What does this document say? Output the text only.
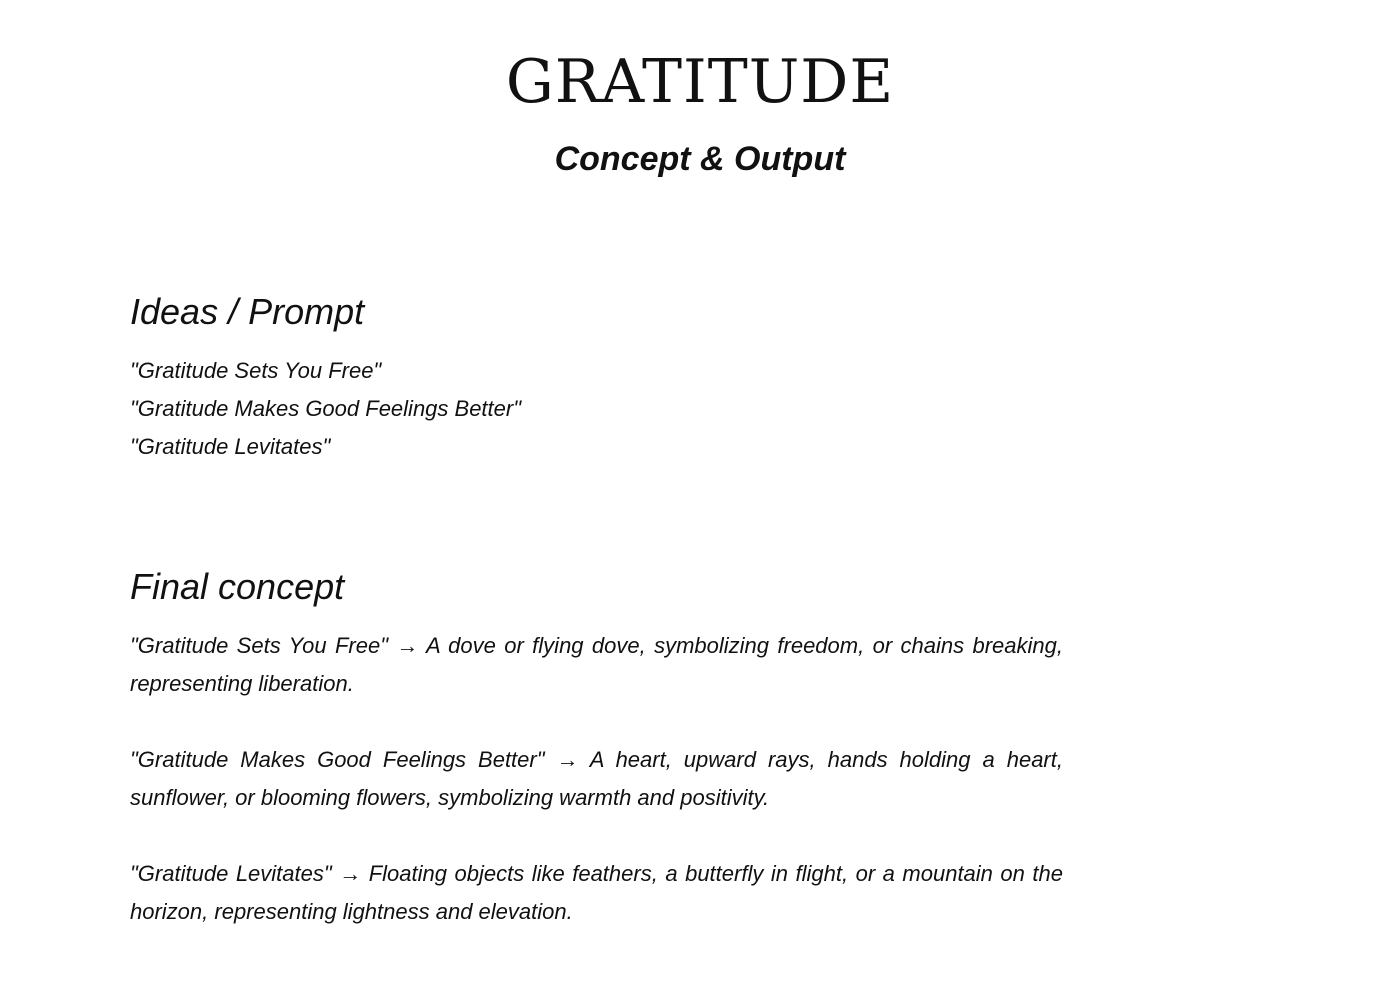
GRATITUDE
Concept & Output
Ideas / Prompt

"Gratitude Sets You Free"

"Gratitude Makes Good Feelings Better"

"Gratitude Levitates"

Final concept

"Gratitude Sets You Free" → A dove or flying dove, symbolizing freedom, or chains breaking, representing liberation.

"Gratitude Makes Good Feelings Better" → A heart, upward rays, hands holding a heart, sunflower, or blooming flowers, symbolizing warmth and positivity.

"Gratitude Levitates" → Floating objects like feathers, a butterfly in flight, or a mountain on the horizon, representing lightness and elevation.
